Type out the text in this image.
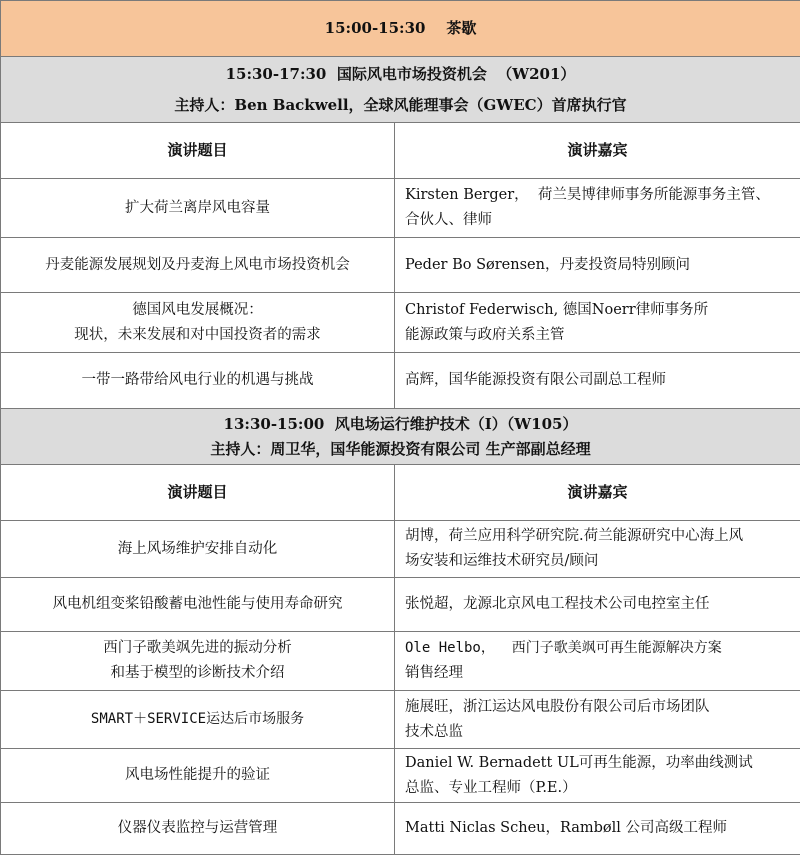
15:00-15:30 茶歇	

15:30-17:30  国际风电市场投资机会  （W201）
主持人：Ben Backwell，全球风能理事会（GWEC）首席执行官	

演讲题目	演讲嘉宾

扩大荷兰离岸风电容量	Kirsten Berger，  荷兰昊博律师事务所能源事务主管、
合伙人、律师

丹麦能源发展规划及丹麦海上风电市场投资机会	Peder Bo Sørensen，丹麦投资局特别顾问

德国风电发展概况：
现状，未来发展和对中国投资者的需求	Christof Federwisch, 德国Noerr律师事务所
能源政策与政府关系主管

一带一路带给风电行业的机遇与挑战	高辉，国华能源投资有限公司副总工程师

13:30-15:00  风电场运行维护技术（I）（W105）
主持人：周卫华，国华能源投资有限公司 生产部副总经理	

演讲题目	演讲嘉宾

海上风场维护安排自动化	胡博，荷兰应用科学研究院.荷兰能源研究中心海上风
场安装和运维技术研究员/顾问

风电机组变桨铅酸蓄电池性能与使用寿命研究	张悦超，龙源北京风电工程技术公司电控室主任

西门子歌美飒先进的振动分析
和基于模型的诊断技术介绍	Ole Helbo，  西门子歌美飒可再生能源解决方案
销售经理

SMART＋SERVICE运达后市场服务	施展旺，浙江运达风电股份有限公司后市场团队
技术总监

风电场性能提升的验证	Daniel W. Bernadett UL可再生能源，功率曲线测试
总监、专业工程师（P.E.）

仪器仪表监控与运营管理	Matti Niclas Scheu，Rambøll 公司高级工程师
